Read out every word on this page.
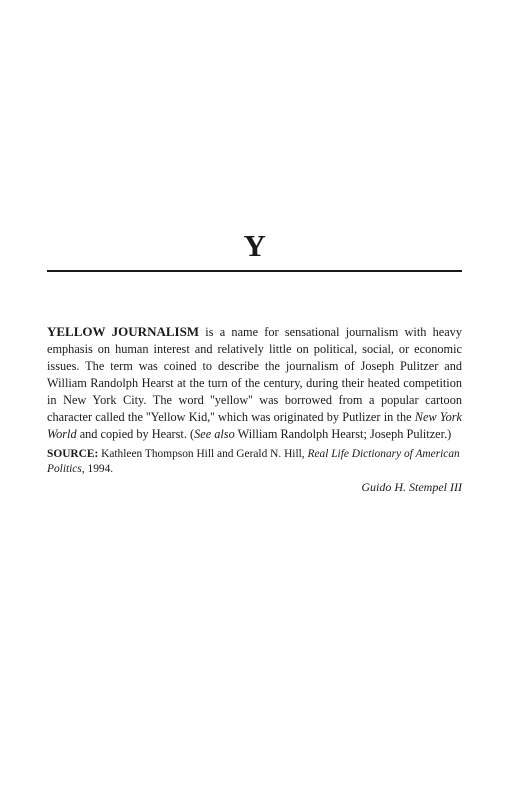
Y

YELLOW JOURNALISM is a name for sensational journalism with heavy emphasis on human interest and relatively little on political, social, or economic issues. The term was coined to describe the journalism of Joseph Pulitzer and William Randolph Hearst at the turn of the century, during their heated competition in New York City. The word ''yellow'' was borrowed from a popular cartoon character called the ''Yellow Kid,'' which was originated by Putlizer in the New York World and copied by Hearst. (See also William Randolph Hearst; Joseph Pulitzer.)

SOURCE: Kathleen Thompson Hill and Gerald N. Hill, Real Life Dictionary of American Politics, 1994.

Guido H. Stempel III
